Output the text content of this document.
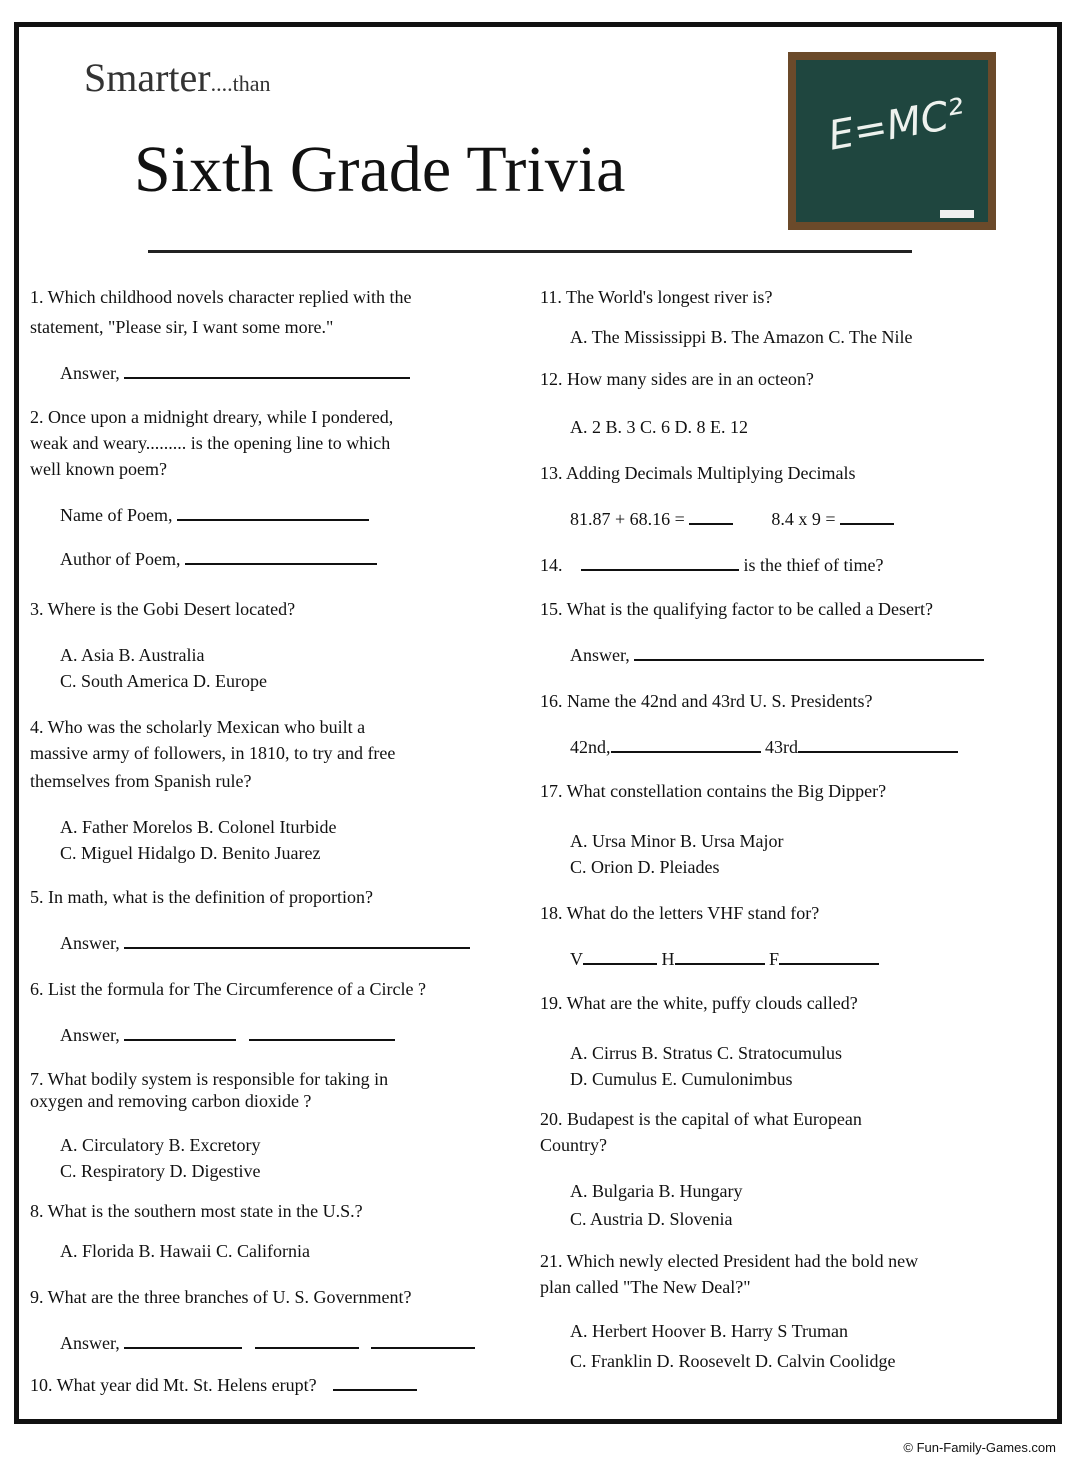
Smarter....than
Sixth Grade Trivia
E=MC²
1. Which childhood novels character replied with the
statement, "Please sir, I want some more."
Answer,
2. Once upon a midnight dreary, while I pondered,
weak and weary......... is the opening line to which
well known poem?
Name of Poem,
Author of Poem,
3. Where is the Gobi Desert located?
A. Asia B. Australia
C. South America D. Europe
4. Who was the scholarly Mexican who built a
massive army of followers, in 1810, to try and free
themselves from Spanish rule?
A. Father Morelos B. Colonel Iturbide
C. Miguel Hidalgo D. Benito Juarez
5. In math, what is the definition of proportion?
Answer,
6. List the formula for The Circumference of a Circle ?
Answer,
7. What bodily system is responsible for taking in
oxygen and removing carbon dioxide ?
A. Circulatory B. Excretory
C. Respiratory D. Digestive
8. What is the southern most state in the U.S.?
A. Florida B. Hawaii C. California
9. What are the three branches of U. S. Government?
Answer,
10. What year did Mt. St. Helens erupt?
11. The World's longest river is?
A. The Mississippi B. The Amazon C. The Nile
12. How many sides are in an octeon?
A. 2 B. 3 C. 6 D. 8 E. 12
13. Adding Decimals Multiplying Decimals
81.87 + 68.16 =	8.4 x 9 =
14.	is the thief of time?
15. What is the qualifying factor to be called a Desert?
Answer,
16. Name the 42nd and 43rd U. S. Presidents?
42nd,	43rd
17. What constellation contains the Big Dipper?
A. Ursa Minor B. Ursa Major
C. Orion D. Pleiades
18. What do the letters VHF stand for?
V	H	F
19. What are the white, puffy clouds called?
A. Cirrus B. Stratus C. Stratocumulus
D. Cumulus E. Cumulonimbus
20. Budapest is the capital of what European
Country?
A. Bulgaria B. Hungary
C. Austria D. Slovenia
21. Which newly elected President had the bold new
plan called "The New Deal?"
A. Herbert Hoover B. Harry S Truman
C. Franklin D. Roosevelt D. Calvin Coolidge
© Fun-Family-Games.com
